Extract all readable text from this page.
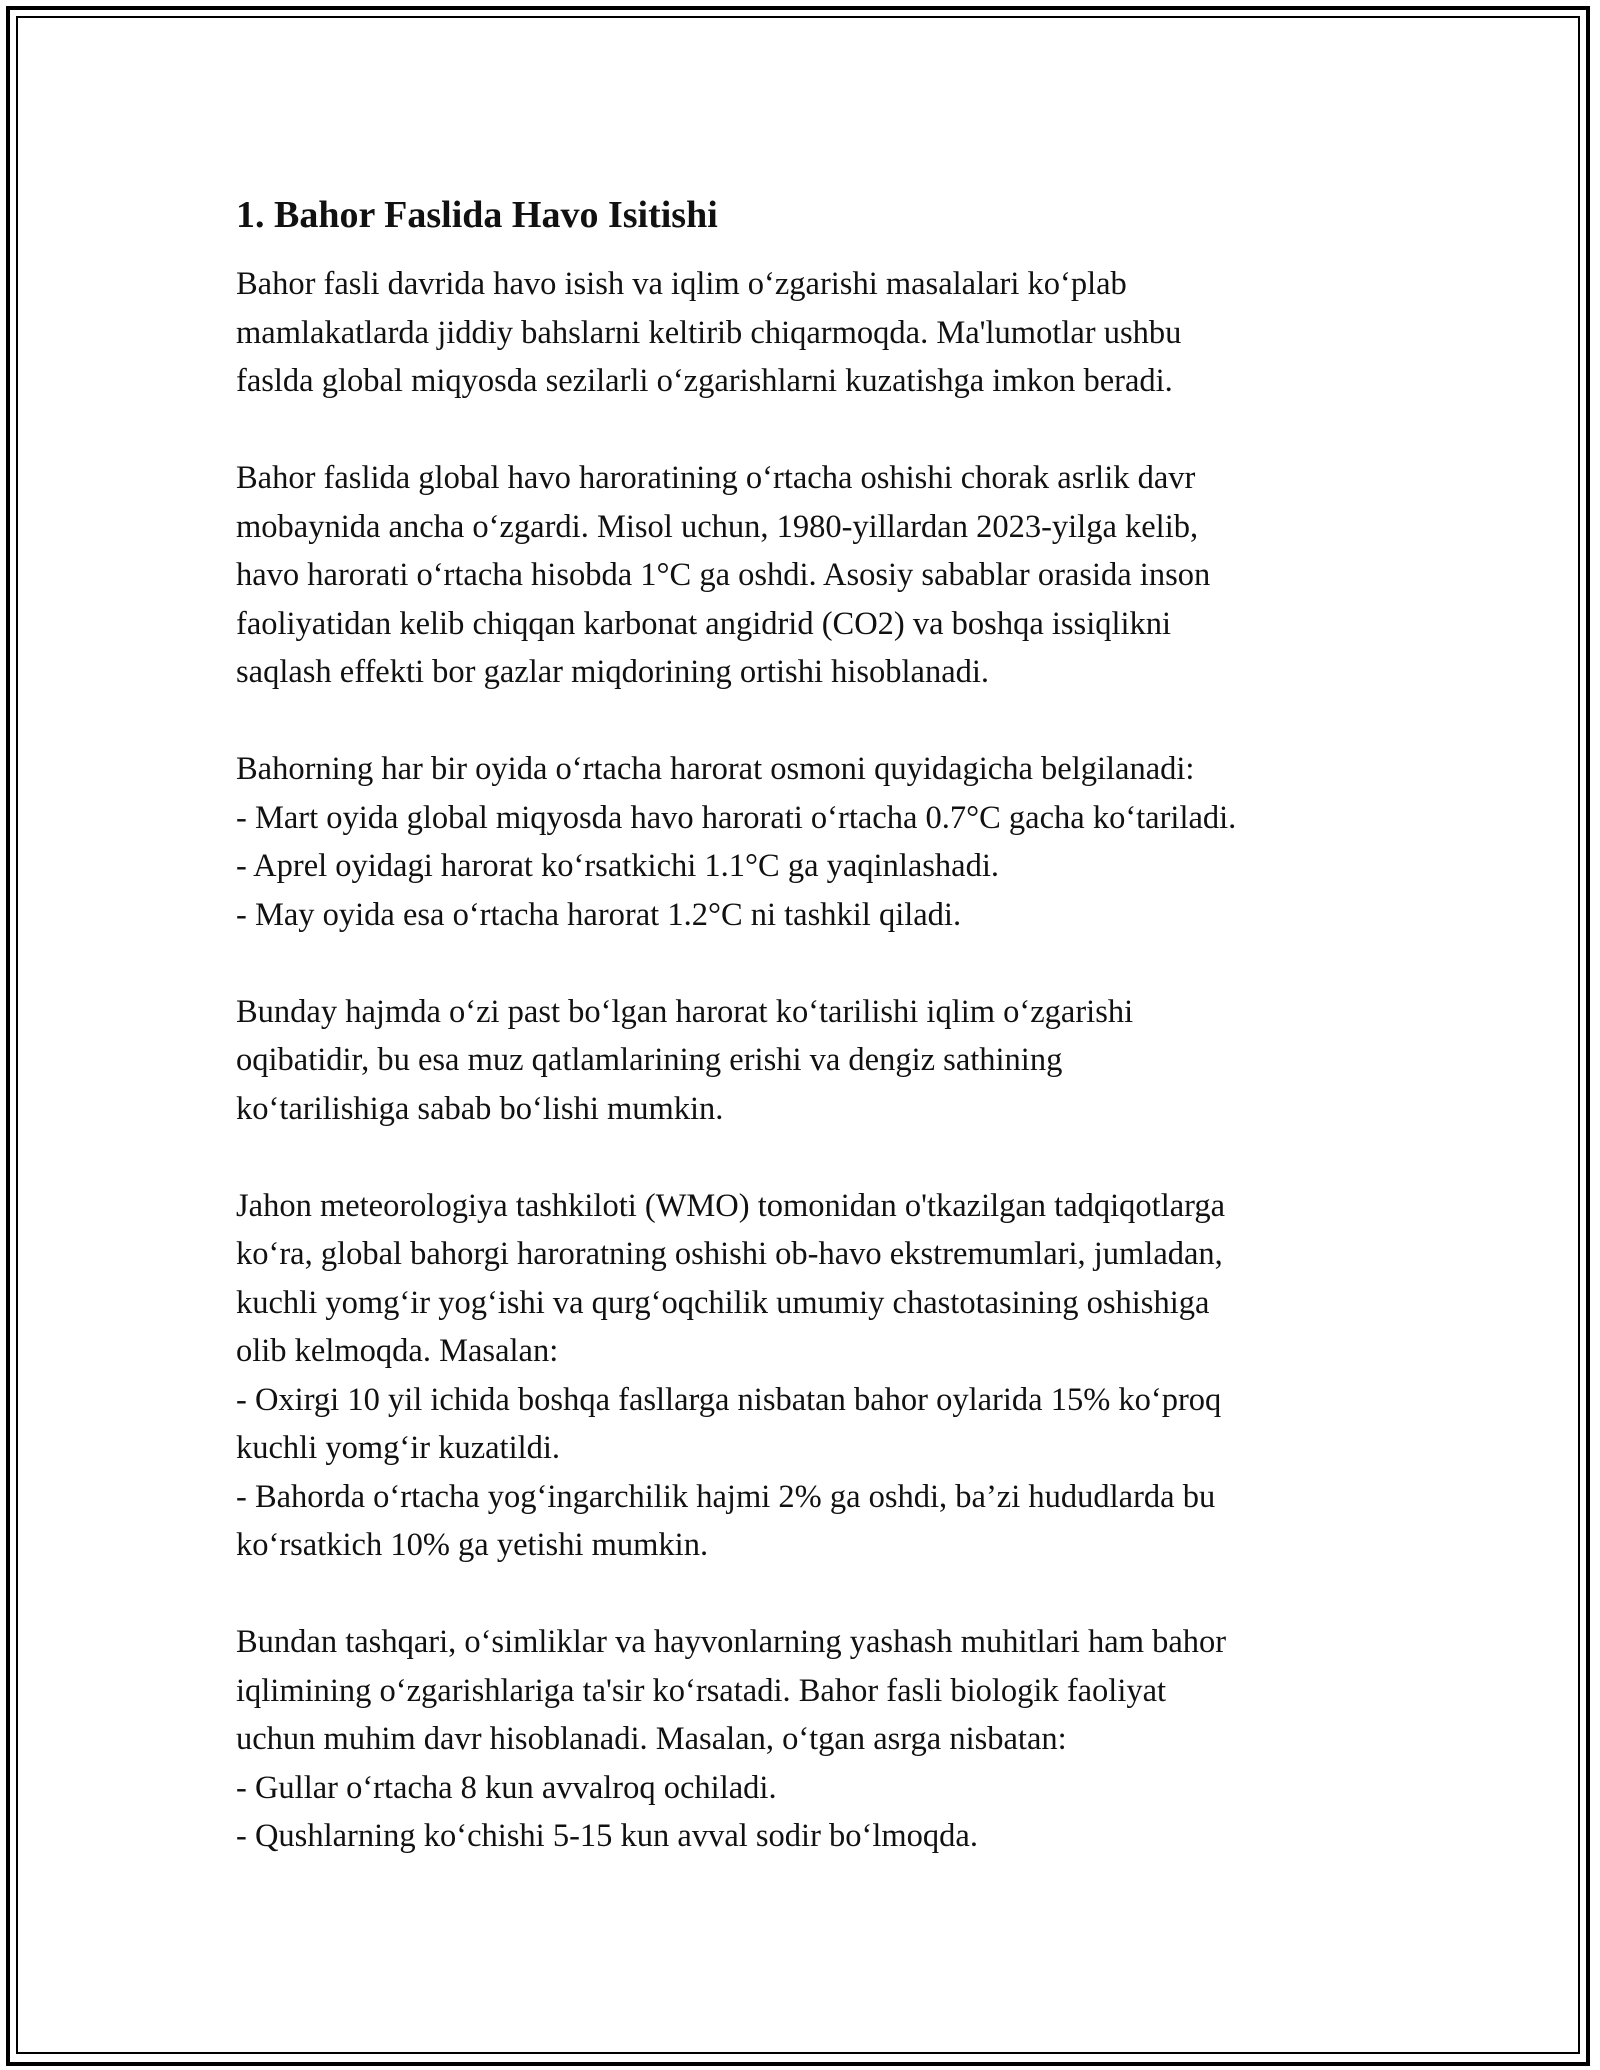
1. Bahor Faslida Havo Isitishi
Bahor fasli davrida havo isish va iqlim o‘zgarishi masalalari ko‘plab
mamlakatlarda jiddiy bahslarni keltirib chiqarmoqda. Ma'lumotlar ushbu
faslda global miqyosda sezilarli o‘zgarishlarni kuzatishga imkon beradi.
Bahor faslida global havo haroratining o‘rtacha oshishi chorak asrlik davr
mobaynida ancha o‘zgardi. Misol uchun, 1980-yillardan 2023-yilga kelib,
havo harorati o‘rtacha hisobda 1°C ga oshdi. Asosiy sabablar orasida inson
faoliyatidan kelib chiqqan karbonat angidrid (CO2) va boshqa issiqlikni
saqlash effekti bor gazlar miqdorining ortishi hisoblanadi.
Bahorning har bir oyida o‘rtacha harorat osmoni quyidagicha belgilanadi:
- Mart oyida global miqyosda havo harorati o‘rtacha 0.7°C gacha ko‘tariladi.
- Aprel oyidagi harorat ko‘rsatkichi 1.1°C ga yaqinlashadi.
- May oyida esa o‘rtacha harorat 1.2°C ni tashkil qiladi.
Bunday hajmda o‘zi past bo‘lgan harorat ko‘tarilishi iqlim o‘zgarishi
oqibatidir, bu esa muz qatlamlarining erishi va dengiz sathining
ko‘tarilishiga sabab bo‘lishi mumkin.
Jahon meteorologiya tashkiloti (WMO) tomonidan o'tkazilgan tadqiqotlarga
ko‘ra, global bahorgi haroratning oshishi ob-havo ekstremumlari, jumladan,
kuchli yomg‘ir yog‘ishi va qurg‘oqchilik umumiy chastotasining oshishiga
olib kelmoqda. Masalan:
- Oxirgi 10 yil ichida boshqa fasllarga nisbatan bahor oylarida 15% ko‘proq
kuchli yomg‘ir kuzatildi.
- Bahorda o‘rtacha yog‘ingarchilik hajmi 2% ga oshdi, ba’zi hududlarda bu
ko‘rsatkich 10% ga yetishi mumkin.
Bundan tashqari, o‘simliklar va hayvonlarning yashash muhitlari ham bahor
iqlimining o‘zgarishlariga ta'sir ko‘rsatadi. Bahor fasli biologik faoliyat
uchun muhim davr hisoblanadi. Masalan, o‘tgan asrga nisbatan:
- Gullar o‘rtacha 8 kun avvalroq ochiladi.
- Qushlarning ko‘chishi 5-15 kun avval sodir bo‘lmoqda.
